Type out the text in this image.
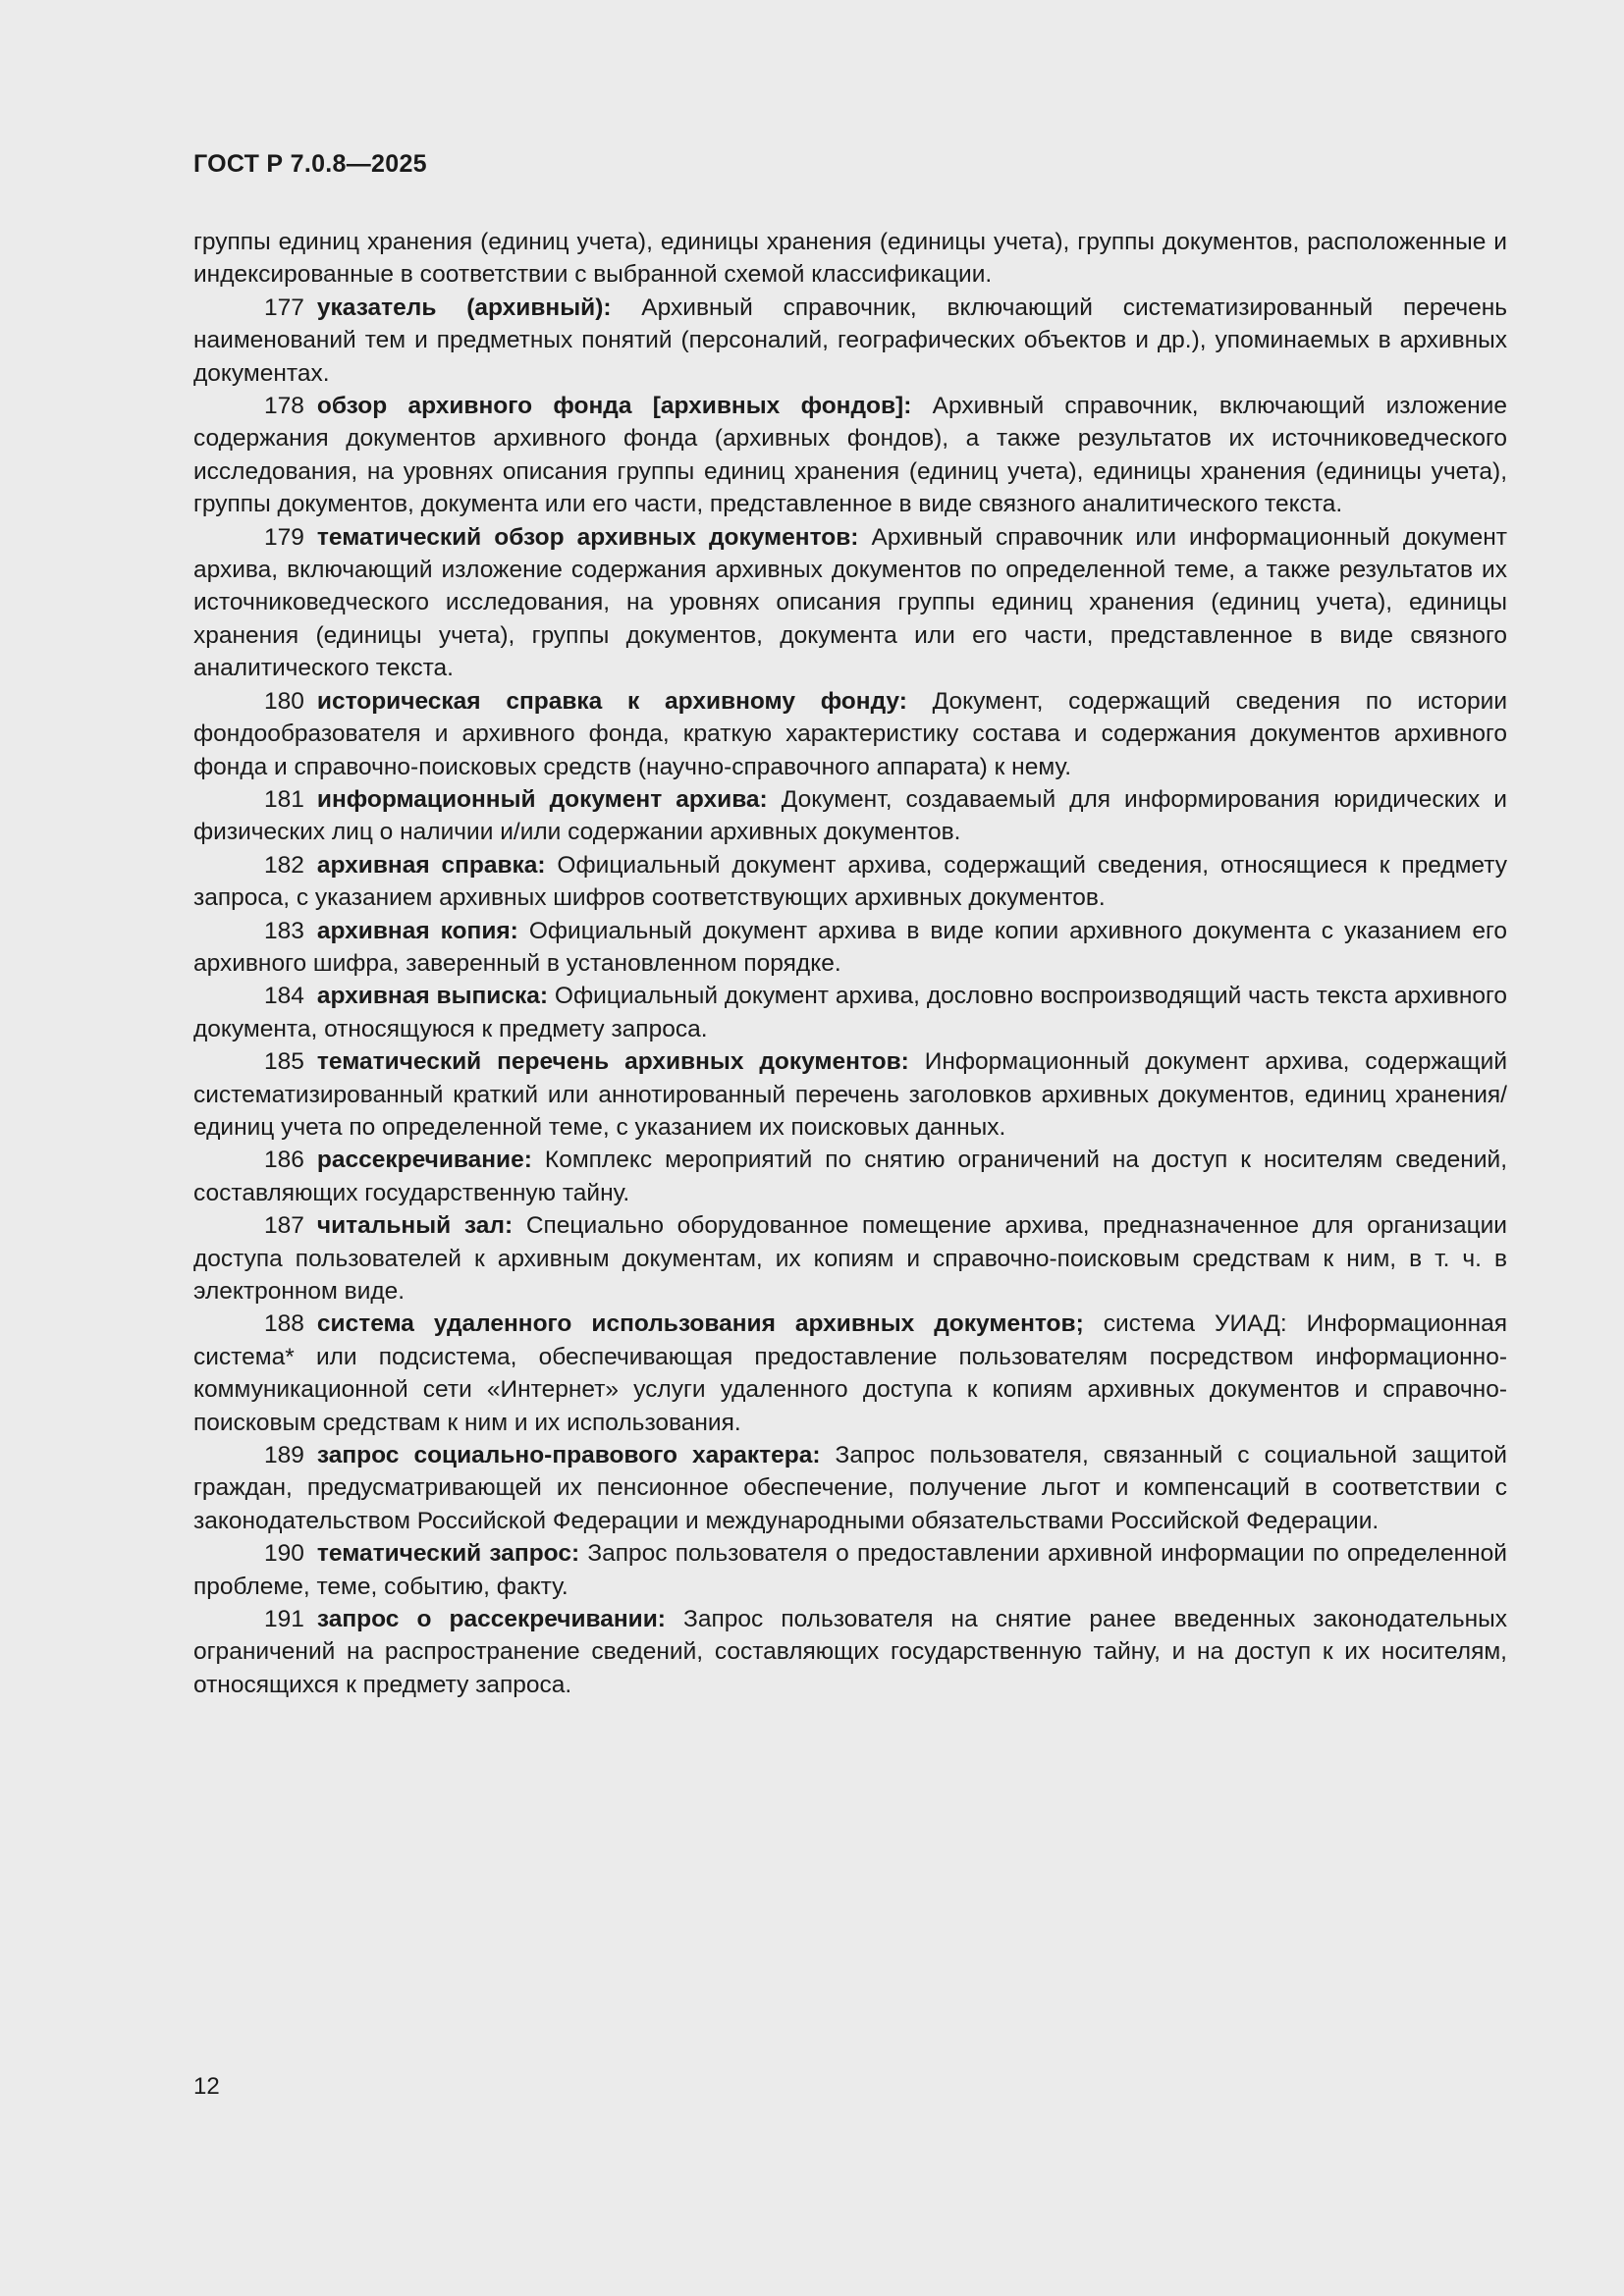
ГОСТ Р 7.0.8—2025

группы единиц хранения (единиц учета), единицы хранения (единицы учета), группы документов, расположенные и индексированные в соответствии с выбранной схемой классификации.

177 указатель (архивный): Архивный справочник, включающий систематизированный перечень наименований тем и предметных понятий (персоналий, географических объектов и др.), упоминаемых в архивных документах.

178 обзор архивного фонда [архивных фондов]: Архивный справочник, включающий изложение содержания документов архивного фонда (архивных фондов), а также результатов их источниковедческого исследования, на уровнях описания группы единиц хранения (единиц учета), единицы хранения (единицы учета), группы документов, документа или его части, представленное в виде связного аналитического текста.

179 тематический обзор архивных документов: Архивный справочник или информационный документ архива, включающий изложение содержания архивных документов по определенной теме, а также результатов их источниковедческого исследования, на уровнях описания группы единиц хранения (единиц учета), единицы хранения (единицы учета), группы документов, документа или его части, представленное в виде связного аналитического текста.

180 историческая справка к архивному фонду: Документ, содержащий сведения по истории фондообразователя и архивного фонда, краткую характеристику состава и содержания документов архивного фонда и справочно-поисковых средств (научно-справочного аппарата) к нему.

181 информационный документ архива: Документ, создаваемый для информирования юридических и физических лиц о наличии и/или содержании архивных документов.

182 архивная справка: Официальный документ архива, содержащий сведения, относящиеся к предмету запроса, с указанием архивных шифров соответствующих архивных документов.

183 архивная копия: Официальный документ архива в виде копии архивного документа с указанием его архивного шифра, заверенный в установленном порядке.

184 архивная выписка: Официальный документ архива, дословно воспроизводящий часть текста архивного документа, относящуюся к предмету запроса.

185 тематический перечень архивных документов: Информационный документ архива, содержащий систематизированный краткий или аннотированный перечень заголовков архивных документов, единиц хранения/единиц учета по определенной теме, с указанием их поисковых данных.

186 рассекречивание: Комплекс мероприятий по снятию ограничений на доступ к носителям сведений, составляющих государственную тайну.

187 читальный зал: Специально оборудованное помещение архива, предназначенное для организации доступа пользователей к архивным документам, их копиям и справочно-поисковым средствам к ним, в т. ч. в электронном виде.

188 система удаленного использования архивных документов; система УИАД: Информационная система* или подсистема, обеспечивающая предоставление пользователям посредством информационно-коммуникационной сети «Интернет» услуги удаленного доступа к копиям архивных документов и справочно-поисковым средствам к ним и их использования.

189 запрос социально-правового характера: Запрос пользователя, связанный с социальной защитой граждан, предусматривающей их пенсионное обеспечение, получение льгот и компенсаций в соответствии с законодательством Российской Федерации и международными обязательствами Российской Федерации.

190 тематический запрос: Запрос пользователя о предоставлении архивной информации по определенной проблеме, теме, событию, факту.

191 запрос о рассекречивании: Запрос пользователя на снятие ранее введенных законодательных ограничений на распространение сведений, составляющих государственную тайну, и на доступ к их носителям, относящихся к предмету запроса.

12
